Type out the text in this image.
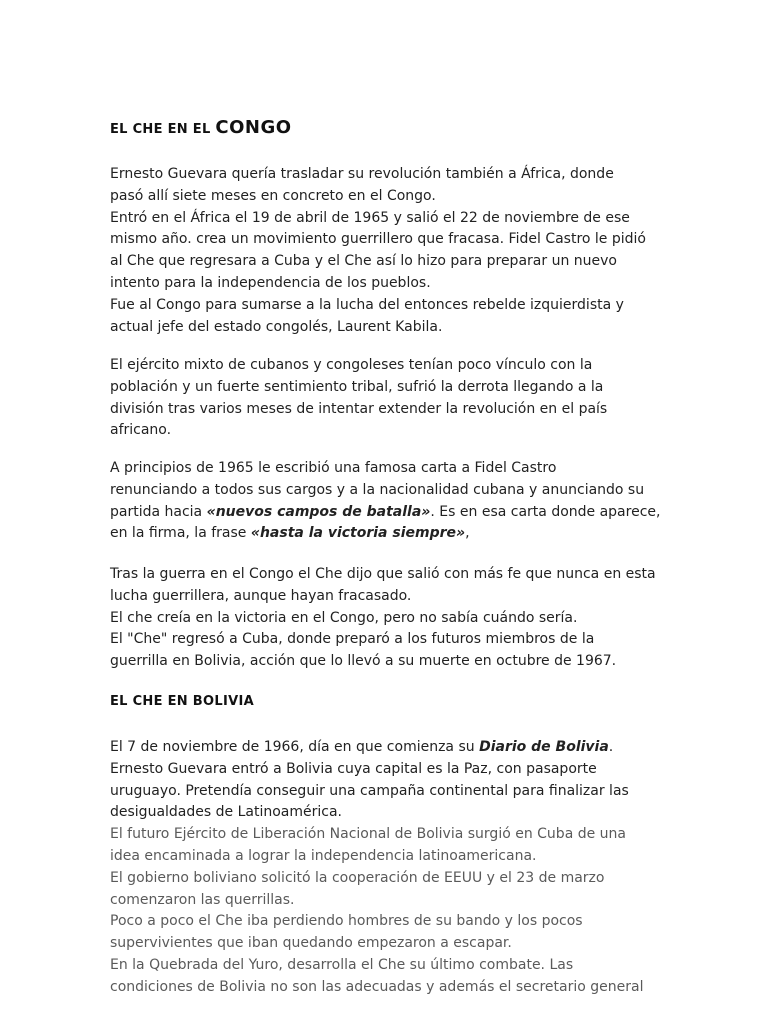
EL CHE EN EL CONGO

Ernesto Guevara quería trasladar su revolución también a África, donde
pasó allí siete meses en concreto en el Congo.
Entró en el África el 19 de abril de 1965 y salió el 22 de noviembre de ese
mismo año. crea un movimiento guerrillero que fracasa. Fidel Castro le pidió
al Che que regresara a Cuba y el Che así lo hizo para preparar un nuevo
intento para la independencia de los pueblos.
Fue al Congo para sumarse a la lucha del entonces rebelde izquierdista y
actual jefe del estado congolés, Laurent Kabila.

El ejército mixto de cubanos y congoleses tenían poco vínculo con la
población y un fuerte sentimiento tribal, sufrió la derrota llegando a la
división tras varios meses de intentar extender la revolución en el país
africano.

A principios de 1965 le escribió una famosa carta a Fidel Castro
renunciando a todos sus cargos y a la nacionalidad cubana y anunciando su
partida hacia «nuevos campos de batalla». Es en esa carta donde aparece,
en la firma, la frase «hasta la victoria siempre»,

Tras la guerra en el Congo el Che dijo que salió con más fe que nunca en esta
lucha guerrillera, aunque hayan fracasado.
El che creía en la victoria en el Congo, pero no sabía cuándo sería.
El "Che" regresó a Cuba, donde preparó a los futuros miembros de la
guerrilla en Bolivia, acción que lo llevó a su muerte en octubre de 1967.

EL CHE EN BOLIVIA

El 7 de noviembre de 1966, día en que comienza su Diario de Bolivia.
Ernesto Guevara entró a Bolivia cuya capital es la Paz, con pasaporte
uruguayo. Pretendía conseguir una campaña continental para finalizar las
desigualdades de Latinoamérica.
El futuro Ejército de Liberación Nacional de Bolivia surgió en Cuba de una
idea encaminada a lograr la independencia latinoamericana.
El gobierno boliviano solicitó la cooperación de EEUU y el 23 de marzo
comenzaron las querrillas.
Poco a poco el Che iba perdiendo hombres de su bando y los pocos
supervivientes que iban quedando empezaron a escapar.
En la Quebrada del Yuro, desarrolla el Che su último combate. Las
condiciones de Bolivia no son las adecuadas y además el secretario general
